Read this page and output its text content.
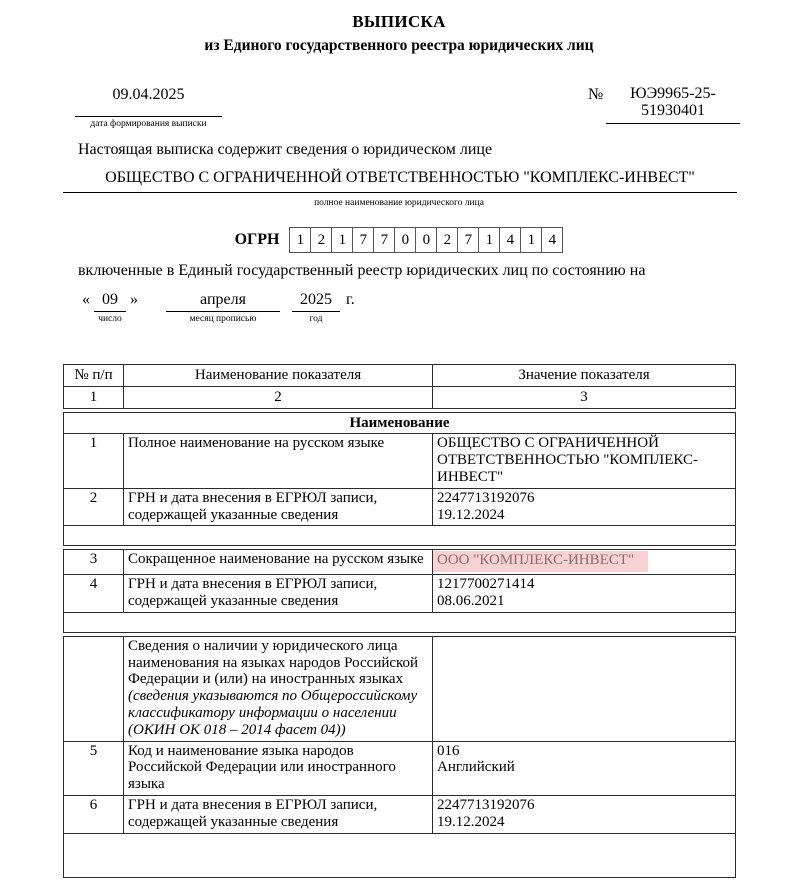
ВЫПИСКА
из Единого государственного реестра юридических лиц
09.04.2025
дата формирования выписки
№	ЮЭ9965-25-51930401
Настоящая выписка содержит сведения о юридическом лице
ОБЩЕСТВО С ОГРАНИЧЕННОЙ ОТВЕТСТВЕННОСТЬЮ "КОМПЛЕКС-ИНВЕСТ"
полное наименование юридического лица
ОГРН	1 2 1 7 7 0 0 2 7 1 4 1 4
включенные в Единый государственный реестр юридических лиц по состоянию на
« 09
число
»	апреля
месяц прописью
2025
год
г.
№ п/п	Наименование показателя	Значение показателя
1	2	3
Наименование		
1	Полное наименование на русском языке	ОБЩЕСТВО С ОГРАНИЧЕННОЙ ОТВЕТСТВЕННОСТЬЮ "КОМПЛЕКС-ИНВЕСТ"

2	ГРН и дата внесения в ЕГРЮЛ записи, содержащей указанные сведения	2247713192076
19.12.2024

3	Сокращенное наименование на русском языке	ООО "КОМПЛЕКС-ИНВЕСТ"
4	ГРН и дата внесения в ЕГРЮЛ записи, содержащей указанные сведения	1217700271414
08.06.2021

	Сведения о наличии у юридического лица наименования на языках народов Российской Федерации и (или) на иностранных языках
(сведения указываются по Общероссийскому классификатору информации о населении (ОКИН ОК 018 – 2014 фасет 04))	

5	Код и наименование языка народов Российской Федерации или иностранного языка	016
Английский

6	ГРН и дата внесения в ЕГРЮЛ записи, содержащей указанные сведения	2247713192076
19.12.2024
